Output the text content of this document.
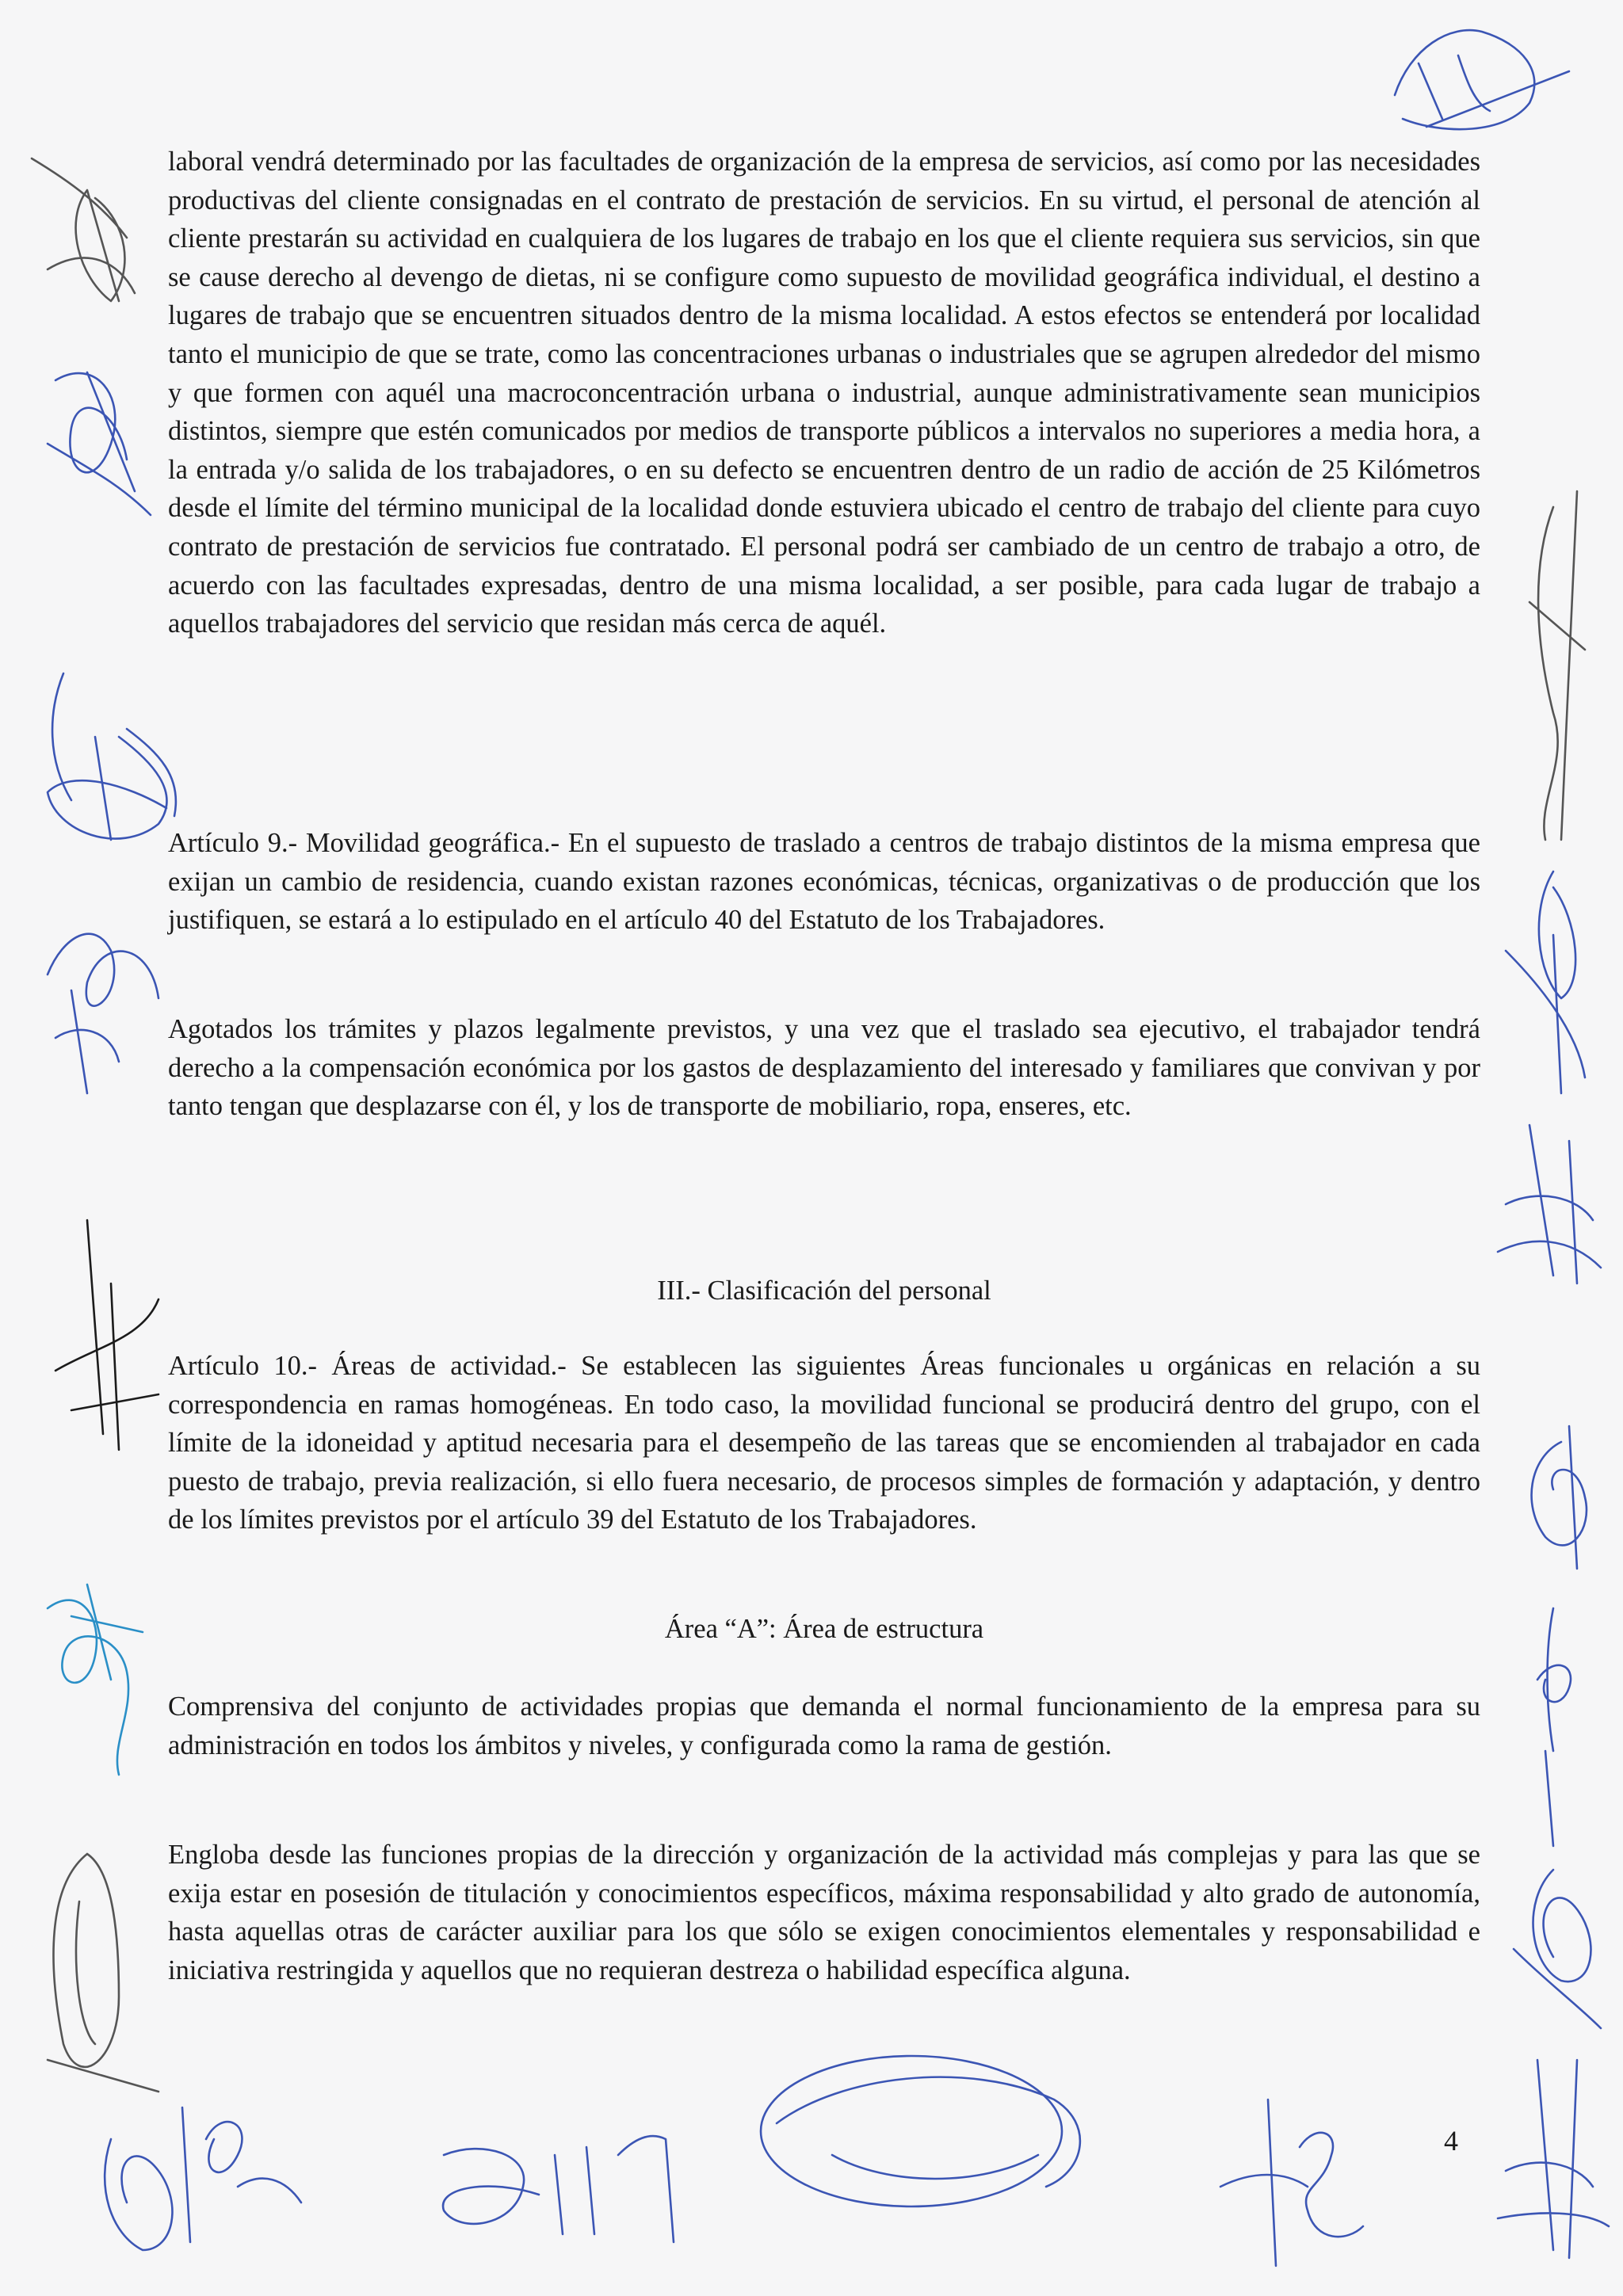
laboral vendrá determinado por las facultades de organización de la empresa de servicios, así como por las necesidades productivas del cliente consignadas en el contrato de prestación de servicios. En su virtud, el personal de atención al cliente prestarán su actividad en cualquiera de los lugares de trabajo en los que el cliente requiera sus servicios, sin que se cause derecho al devengo de dietas, ni se configure como supuesto de movilidad geográfica individual, el destino a lugares de trabajo que se encuentren situados dentro de la misma localidad. A estos efectos se entenderá por localidad tanto el municipio de que se trate, como las concentraciones urbanas o industriales que se agrupen alrededor del mismo y que formen con aquél una macroconcentración urbana o industrial, aunque administrativamente sean municipios distintos, siempre que estén comunicados por medios de transporte públicos a intervalos no superiores a media hora, a la entrada y/o salida de los trabajadores, o en su defecto se encuentren dentro de un radio de acción de 25 Kilómetros desde el límite del término municipal de la localidad donde estuviera ubicado el centro de trabajo del cliente para cuyo contrato de prestación de servicios fue contratado. El personal podrá ser cambiado de un centro de trabajo a otro, de acuerdo con las facultades expresadas, dentro de una misma localidad, a ser posible, para cada lugar de trabajo a aquellos trabajadores del servicio que residan más cerca de aquél.

Artículo 9.- Movilidad geográfica.- En el supuesto de traslado a centros de trabajo distintos de la misma empresa que exijan un cambio de residencia, cuando existan razones económicas, técnicas, organizativas o de producción que los justifiquen, se estará a lo estipulado en el artículo 40 del Estatuto de los Trabajadores.

Agotados los trámites y plazos legalmente previstos, y una vez que el traslado sea ejecutivo, el trabajador tendrá derecho a la compensación económica por los gastos de desplazamiento del interesado y familiares que convivan y por tanto tengan que desplazarse con él, y los de transporte de mobiliario, ropa, enseres, etc.

III.- Clasificación del personal

Artículo 10.- Áreas de actividad.- Se establecen las siguientes Áreas funcionales u orgánicas en relación a su correspondencia en ramas homogéneas. En todo caso, la movilidad funcional se producirá dentro del grupo, con el límite de la idoneidad y aptitud necesaria para el desempeño de las tareas que se encomienden al trabajador en cada puesto de trabajo, previa realización, si ello fuera necesario, de procesos simples de formación y adaptación, y dentro de los límites previstos por el artículo 39 del Estatuto de los Trabajadores.

Área “A”: Área de estructura

Comprensiva del conjunto de actividades propias que demanda el normal funcionamiento de la empresa para su administración en todos los ámbitos y niveles, y configurada como la rama de gestión.

Engloba desde las funciones propias de la dirección y organización de la actividad más complejas y para las que se exija estar en posesión de titulación y conocimientos específicos, máxima responsabilidad y alto grado de autonomía, hasta aquellas otras de carácter auxiliar para los que sólo se exigen conocimientos elementales y responsabilidad e iniciativa restringida y aquellos que no requieran destreza o habilidad específica alguna.

4
